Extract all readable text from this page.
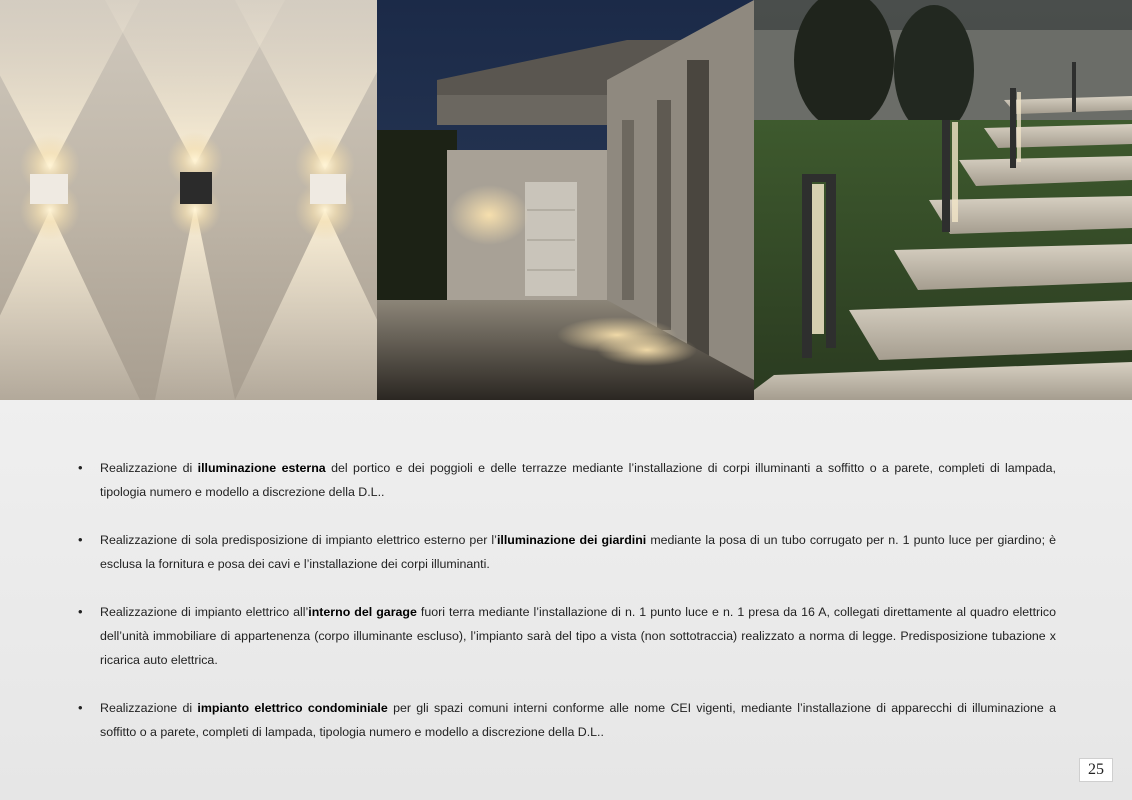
• Realizzazione di illuminazione esterna del portico e dei poggioli e delle terrazze mediante l’installazione di corpi illuminanti a soffitto o a parete, completi di lampada, tipologia numero e modello a discrezione della D.L..
• Realizzazione di sola predisposizione di impianto elettrico esterno per l’illuminazione dei giardini mediante la posa di un tubo corrugato per n. 1 punto luce per giardino; è esclusa la fornitura e posa dei cavi e l’installazione dei corpi illuminanti.
• Realizzazione di impianto elettrico all’interno del garage fuori terra mediante l’installazione di n. 1 punto luce e n. 1 presa da 16 A, collegati direttamente al quadro elettrico dell’unità immobiliare di appartenenza (corpo illuminante escluso), l’impianto sarà del tipo a vista (non sottotraccia) realizzato a norma di legge. Predisposizione tubazione x ricarica auto elettrica.
• Realizzazione di impianto elettrico condominiale per gli spazi comuni interni conforme alle nome CEI vigenti, mediante l’installazione di apparecchi di illuminazione a soffitto o a parete, completi di lampada, tipologia numero e modello a discrezione della D.L..
25
